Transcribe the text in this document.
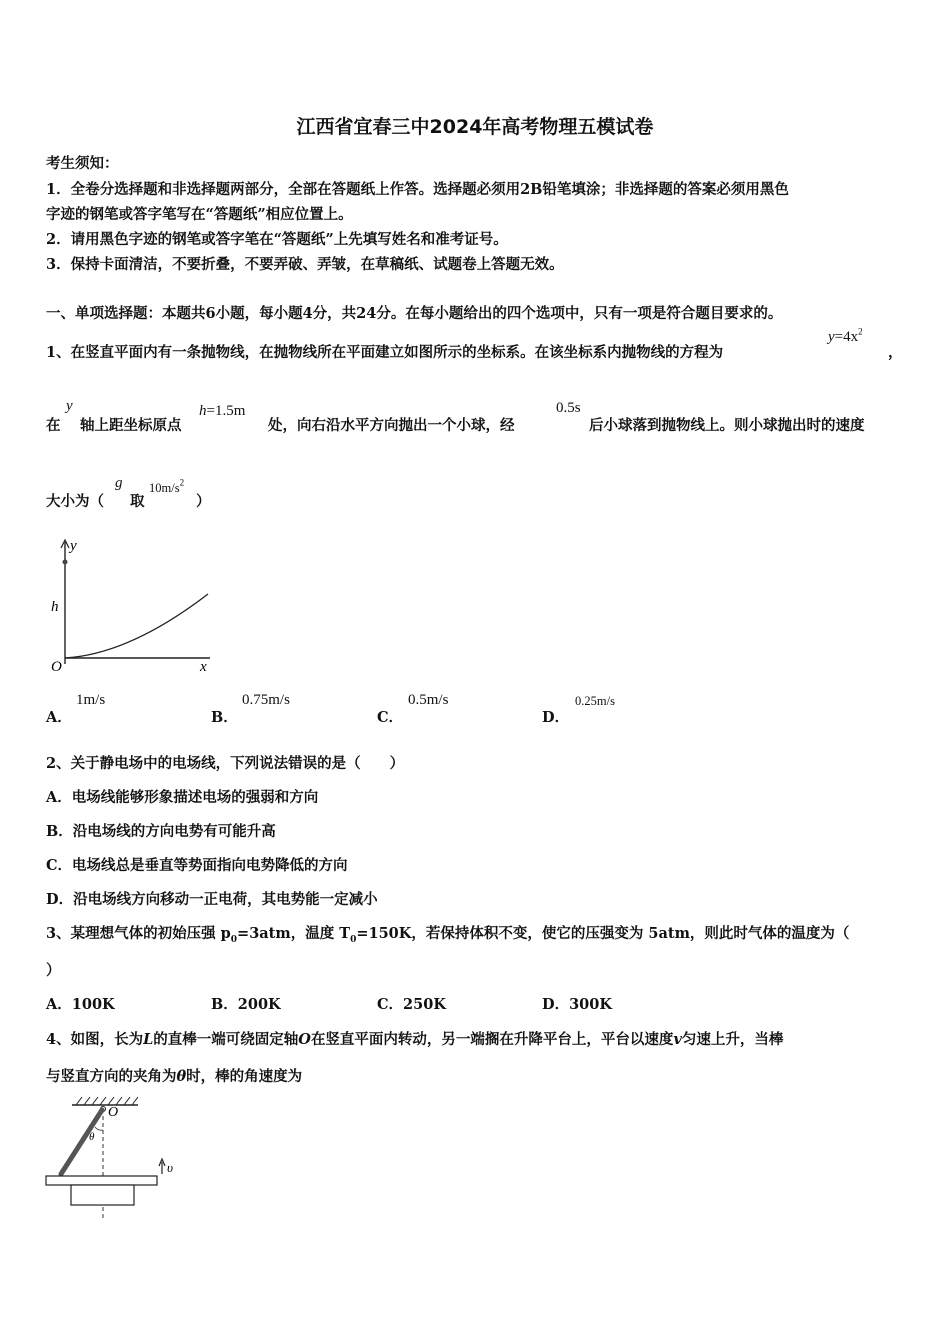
江西省宜春三中2024年高考物理五模试卷
考生须知：
1．全卷分选择题和非选择题两部分，全部在答题纸上作答。选择题必须用2B铅笔填涂；非选择题的答案必须用黑色
字迹的钢笔或答字笔写在“答题纸”相应位置上。
2．请用黑色字迹的钢笔或答字笔在“答题纸”上先填写姓名和准考证号。
3．保持卡面清洁，不要折叠，不要弄破、弄皱，在草稿纸、试题卷上答题无效。
一、单项选择题：本题共6小题，每小题4分，共24分。在每小题给出的四个选项中，只有一项是符合题目要求的。
1、在竖直平面内有一条抛物线，在抛物线所在平面建立如图所示的坐标系。在该坐标系内抛物线的方程为
$y=4x^2$
，
在
y
轴上距坐标原点
h=1.5m
处，向右沿水平方向抛出一个小球，经
0.5s
后小球落到抛物线上。则小球抛出时的速度
大小为（
g
取
$10m/s^2$
）
y
h
O	x
A．
1m/s
B．
0.75m/s
C．
0.5m/s
D．
0.25m/s
2、关于静电场中的电场线，下列说法错误的是（　　）
A．电场线能够形象描述电场的强弱和方向
B．沿电场线的方向电势有可能升高
C．电场线总是垂直等势面指向电势降低的方向
D．沿电场线方向移动一正电荷，其电势能一定减小
3、某理想气体的初始压强 $p_0=3atm$，温度 $T_0=150K$，若保持体积不变，使它的压强变为 5atm，则此时气体的温度为（
）
A．100K	B．200K	C．250K	D．300K
4、如图，长为L的直棒一端可绕固定轴O在竖直平面内转动，另一端搁在升降平台上，平台以速度v匀速上升，当棒
与竖直方向的夹角为θ时，棒的角速度为
O
θ
υ
